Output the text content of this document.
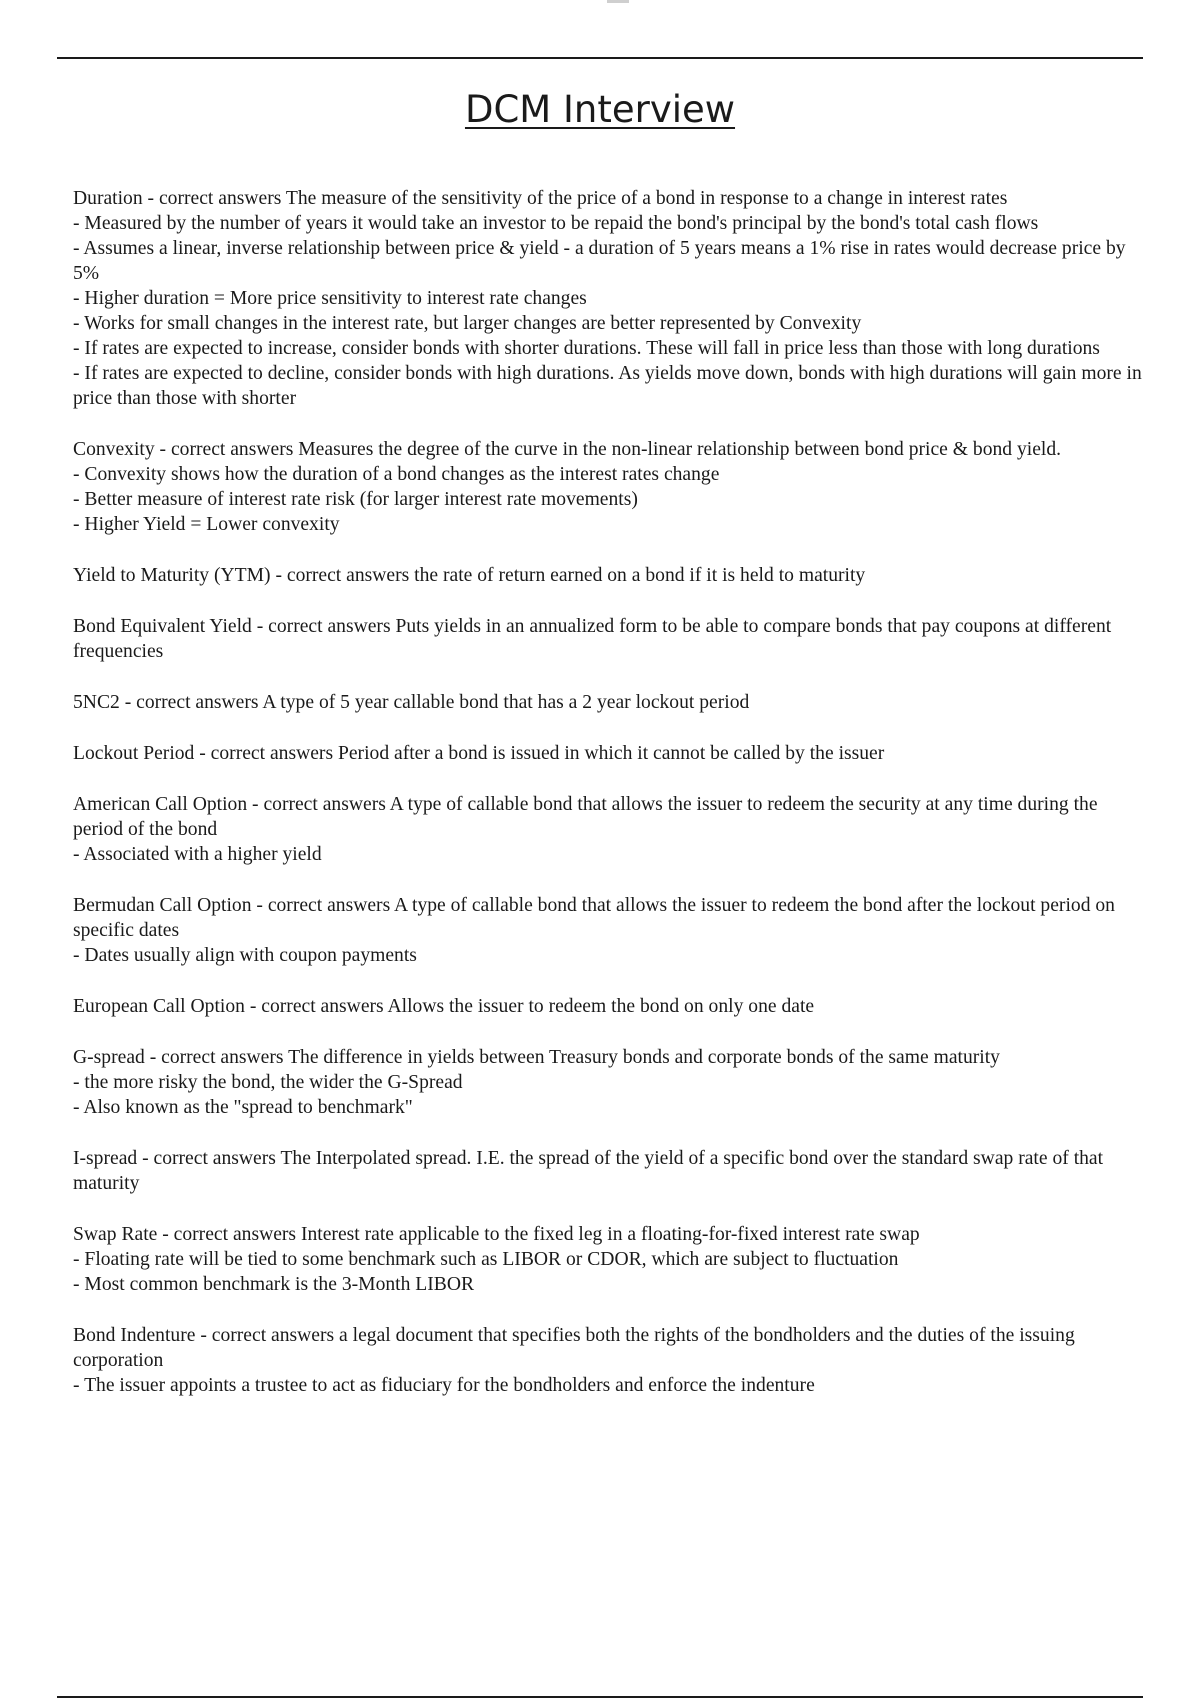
DCM Interview
Duration - correct answers The measure of the sensitivity of the price of a bond in response to a change in interest rates
- Measured by the number of years it would take an investor to be repaid the bond's principal by the bond's total cash flows
- Assumes a linear, inverse relationship between price & yield - a duration of 5 years means a 1% rise in rates would decrease price by 5%
- Higher duration = More price sensitivity to interest rate changes
- Works for small changes in the interest rate, but larger changes are better represented by Convexity
- If rates are expected to increase, consider bonds with shorter durations. These will fall in price less than those with long durations
- If rates are expected to decline, consider bonds with high durations. As yields move down, bonds with high durations will gain more in price than those with shorter
Convexity - correct answers Measures the degree of the curve in the non-linear relationship between bond price & bond yield.
- Convexity shows how the duration of a bond changes as the interest rates change
- Better measure of interest rate risk (for larger interest rate movements)
- Higher Yield = Lower convexity
Yield to Maturity (YTM) - correct answers the rate of return earned on a bond if it is held to maturity
Bond Equivalent Yield - correct answers Puts yields in an annualized form to be able to compare bonds that pay coupons at different frequencies
5NC2 - correct answers A type of 5 year callable bond that has a 2 year lockout period
Lockout Period - correct answers Period after a bond is issued in which it cannot be called by the issuer
American Call Option - correct answers A type of callable bond that allows the issuer to redeem the security at any time during the period of the bond
- Associated with a higher yield
Bermudan Call Option - correct answers A type of callable bond that allows the issuer to redeem the bond after the lockout period on specific dates
- Dates usually align with coupon payments
European Call Option - correct answers Allows the issuer to redeem the bond on only one date
G-spread - correct answers The difference in yields between Treasury bonds and corporate bonds of the same maturity
- the more risky the bond, the wider the G-Spread
- Also known as the "spread to benchmark"
I-spread - correct answers The Interpolated spread. I.E. the spread of the yield of a specific bond over the standard swap rate of that maturity
Swap Rate - correct answers Interest rate applicable to the fixed leg in a floating-for-fixed interest rate swap
- Floating rate will be tied to some benchmark such as LIBOR or CDOR, which are subject to fluctuation
- Most common benchmark is the 3-Month LIBOR
Bond Indenture - correct answers a legal document that specifies both the rights of the bondholders and the duties of the issuing corporation
- The issuer appoints a trustee to act as fiduciary for the bondholders and enforce the indenture
